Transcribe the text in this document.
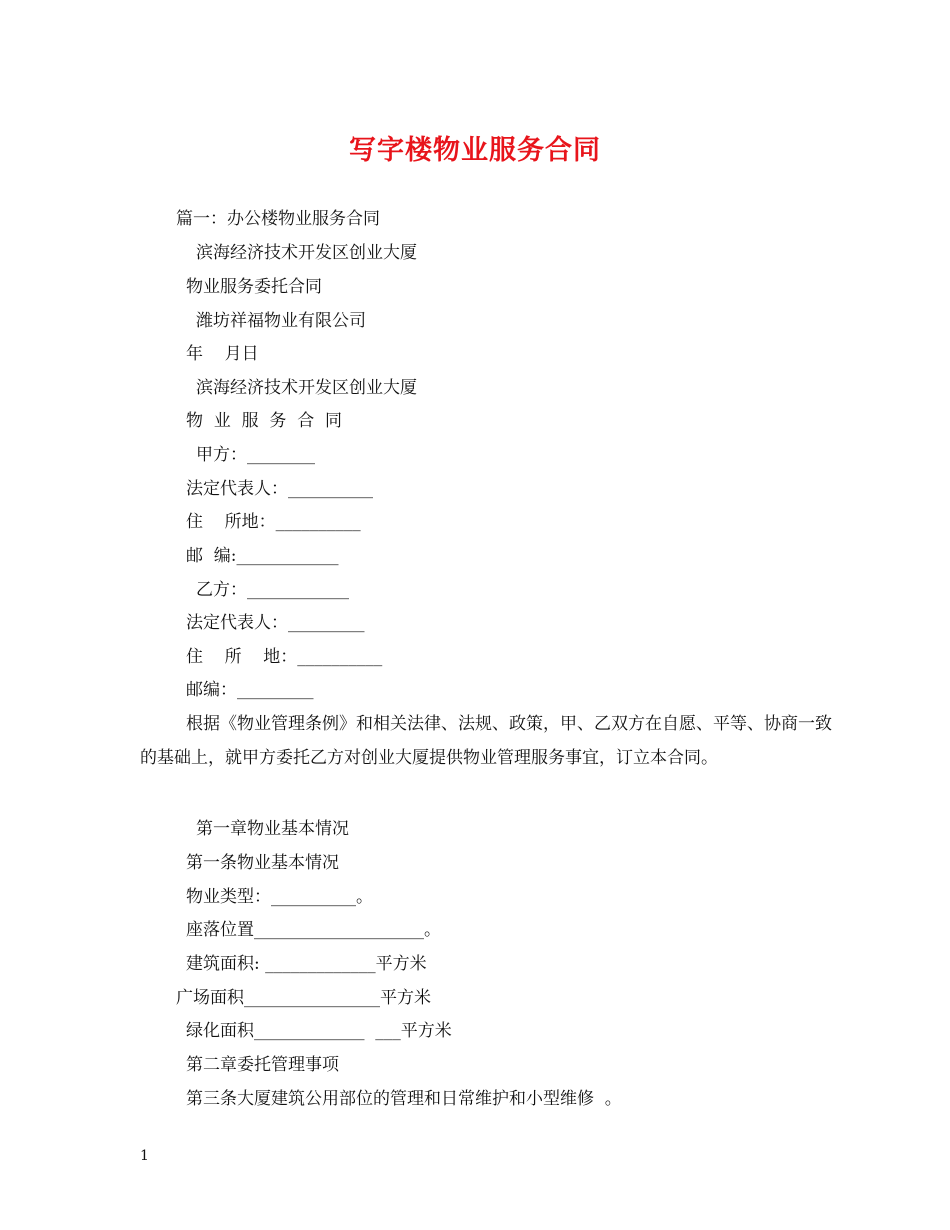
写字楼物业服务合同
篇一：办公楼物业服务合同
滨海经济技术开发区创业大厦
物业服务委托合同
潍坊祥福物业有限公司
年    月日
滨海经济技术开发区创业大厦
物  业  服  务  合  同
甲方：________
法定代表人：__________
住    所地：__________
邮  编:____________
乙方：____________
法定代表人：_________
住    所    地：__________
邮编：_________
根据《物业管理条例》和相关法律、法规、政策，甲、乙双方在自愿、平等、协商一致的基础上，就甲方委托乙方对创业大厦提供物业管理服务事宜，订立本合同。
第一章物业基本情况
第一条物业基本情况
物业类型：__________。
座落位置____________________。
建筑面积: _____________平方米
广场面积________________平方米
绿化面积_____________  ___平方米
第二章委托管理事项
第三条大厦建筑公用部位的管理和日常维护和小型维修  。
1
